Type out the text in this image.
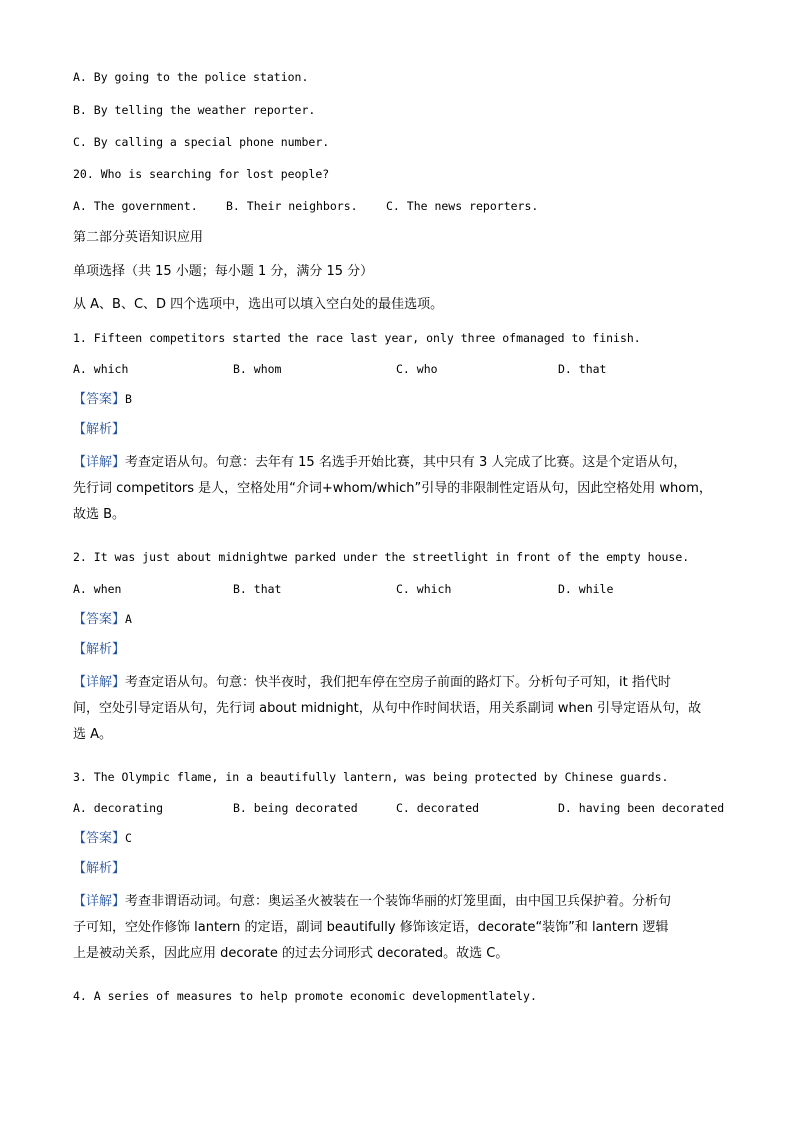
A. By going to the police station.
B. By telling the weather reporter.
C. By calling a special phone number.
20. Who is searching for lost people?
A. The government. B. Their neighbors. C. The news reporters.
第二部分英语知识应用
单项选择（共 15 小题；每小题 1 分，满分 15 分）
从 A、B、C、D 四个选项中，选出可以填入空白处的最佳选项。
1. Fifteen competitors started the race last year, only three ofmanaged to finish.
A. which	B. whom	C. who	D. that
【答案】B
【解析】
【详解】考查定语从句。句意：去年有 15 名选手开始比赛，其中只有 3 人完成了比赛。这是个定语从句，
先行词 competitors 是人，空格处用“介词+whom/which”引导的非限制性定语从句，因此空格处用 whom，
故选 B。
2. It was just about midnightwe parked under the streetlight in front of the empty house.
A. when	B. that	C. which	D. while
【答案】A
【解析】
【详解】考查定语从句。句意：快半夜时，我们把车停在空房子前面的路灯下。分析句子可知，it 指代时
间，空处引导定语从句，先行词 about midnight，从句中作时间状语，用关系副词 when 引导定语从句，故
选 A。
3. The Olympic flame, in a beautifully lantern, was being protected by Chinese guards.
A. decorating	B. being decorated	C. decorated	D. having been decorated
【答案】C
【解析】
【详解】考查非谓语动词。句意：奥运圣火被装在一个装饰华丽的灯笼里面，由中国卫兵保护着。分析句
子可知，空处作修饰 lantern 的定语，副词 beautifully 修饰该定语，decorate“装饰”和 lantern 逻辑
上是被动关系，因此应用 decorate 的过去分词形式 decorated。故选 C。
4. A series of measures to help promote economic developmentlately.
